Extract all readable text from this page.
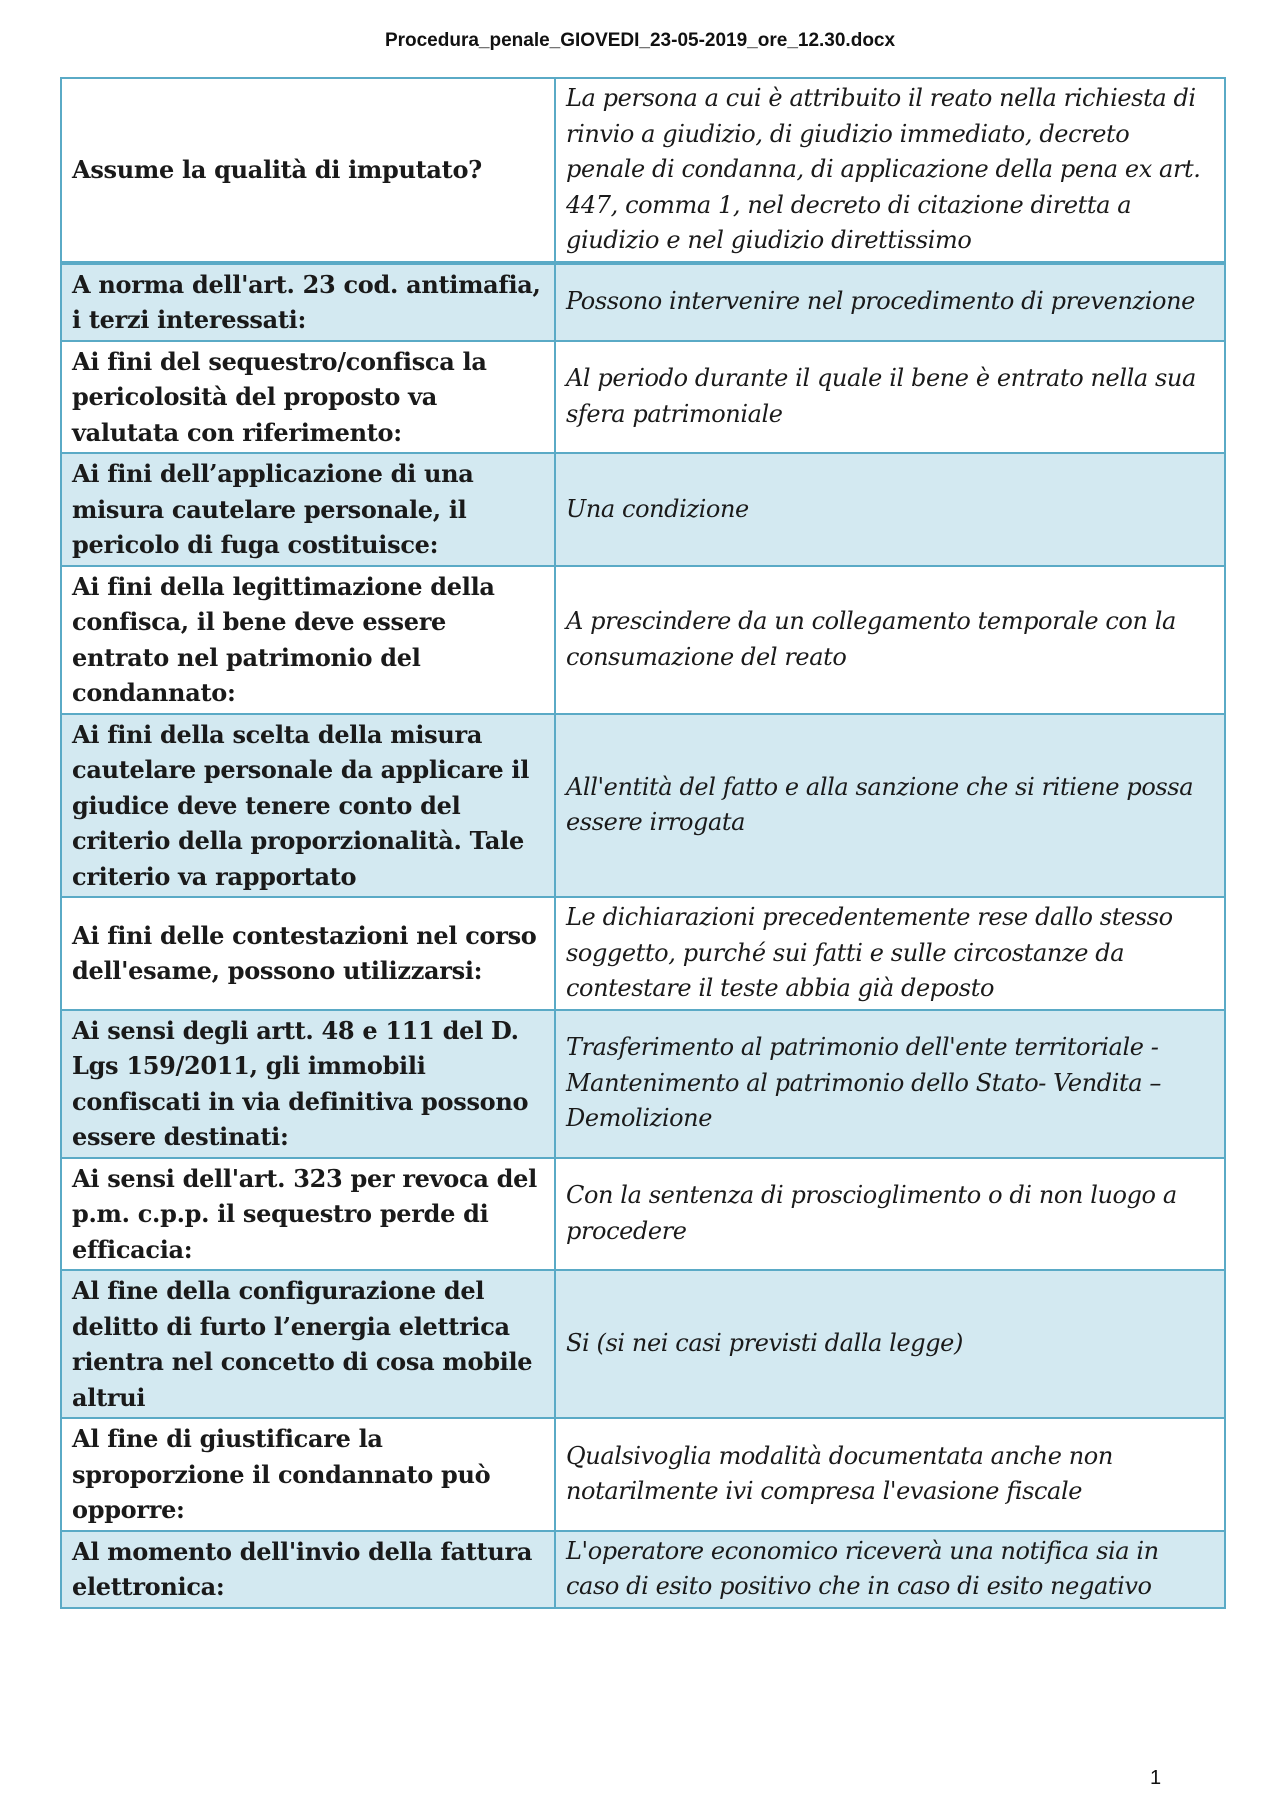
Procedura_penale_GIOVEDI_23-05-2019_ore_12.30.docx
Assume la qualità di imputato?	La persona a cui è attribuito il reato nella richiesta di rinvio a giudizio, di giudizio immediato, decreto penale di condanna, di applicazione della pena ex art. 447, comma 1, nel decreto di citazione diretta a giudizio e nel giudizio direttissimo
A norma dell'art. 23 cod. antimafia, i terzi interessati:	Possono intervenire nel procedimento di prevenzione
Ai fini del sequestro/confisca la pericolosità del proposto va valutata con riferimento:	Al periodo durante il quale il bene è entrato nella sua sfera patrimoniale
Ai fini dell’applicazione di una misura cautelare personale, il pericolo di fuga costituisce:	Una condizione
Ai fini della legittimazione della confisca, il bene deve essere entrato nel patrimonio del condannato:	A prescindere da un collegamento temporale con la consumazione del reato
Ai fini della scelta della misura cautelare personale da applicare il giudice deve tenere conto del criterio della proporzionalità. Tale criterio va rapportato	All'entità del fatto e alla sanzione che si ritiene possa essere irrogata
Ai fini delle contestazioni nel corso dell'esame, possono utilizzarsi:	Le dichiarazioni precedentemente rese dallo stesso soggetto, purché sui fatti e sulle circostanze da contestare il teste abbia già deposto
Ai sensi degli artt. 48 e 111 del D. Lgs 159/2011, gli immobili confiscati in via definitiva possono essere destinati:	Trasferimento al patrimonio dell'ente territoriale - Mantenimento al patrimonio dello Stato- Vendita – Demolizione
Ai sensi dell'art. 323 per revoca del p.m. c.p.p. il sequestro perde di efficacia:	Con la sentenza di proscioglimento o di non luogo a procedere
Al fine della configurazione del delitto di furto l’energia elettrica rientra nel concetto di cosa mobile altrui	Si (si nei casi previsti dalla legge)
Al fine di giustificare la sproporzione il condannato può opporre:	Qualsivoglia modalità documentata anche non notarilmente ivi compresa l'evasione fiscale
Al momento dell'invio della fattura elettronica:	L'operatore economico riceverà una notifica sia in caso di esito positivo che in caso di esito negativo
1
